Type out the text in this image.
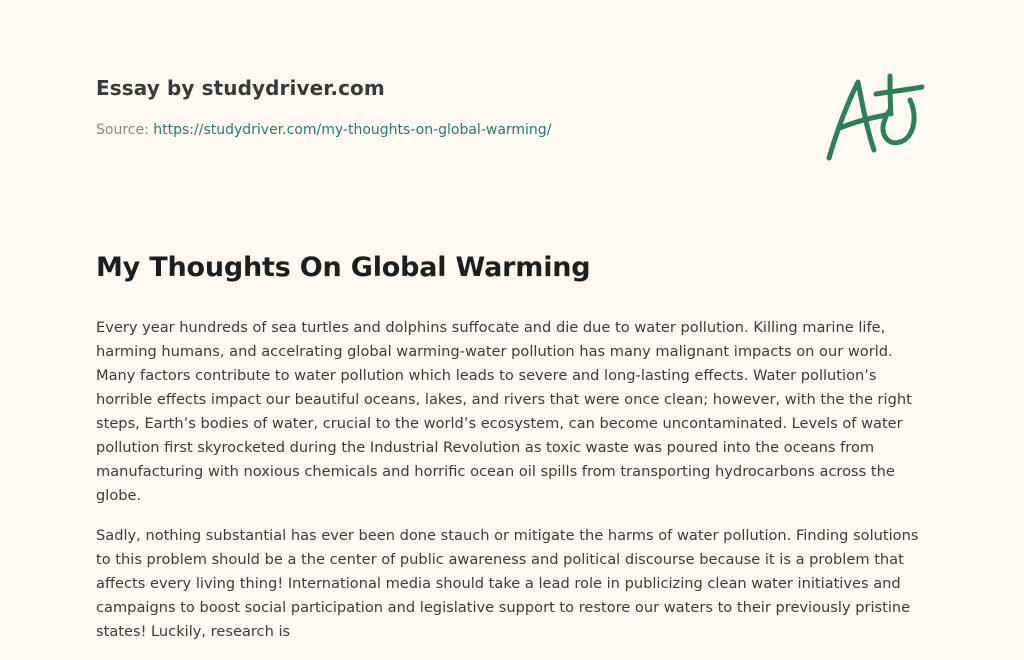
Essay by studydriver.com
Source: https://studydriver.com/my-thoughts-on-global-warming/
My Thoughts On Global Warming

Every year hundreds of sea turtles and dolphins suffocate and die due to water pollution. Killing marine life, harming humans, and accelrating global warming-water pollution has many malignant impacts on our world. Many factors contribute to water pollution which leads to severe and long-lasting effects. Water pollution’s horrible effects impact our beautiful oceans, lakes, and rivers that were once clean; however, with the the right steps, Earth’s bodies of water, crucial to the world’s ecosystem, can become uncontaminated. Levels of water pollution first skyrocketed during the Industrial Revolution as toxic waste was poured into the oceans from manufacturing with noxious chemicals and horrific ocean oil spills from transporting hydrocarbons across the globe.

Sadly, nothing substantial has ever been done stauch or mitigate the harms of water pollution. Finding solutions to this problem should be a the center of public awareness and political discourse because it is a problem that affects every living thing! International media should take a lead role in publicizing clean water initiatives and campaigns to boost social participation and legislative support to restore our waters to their previously pristine states! Luckily, research is
